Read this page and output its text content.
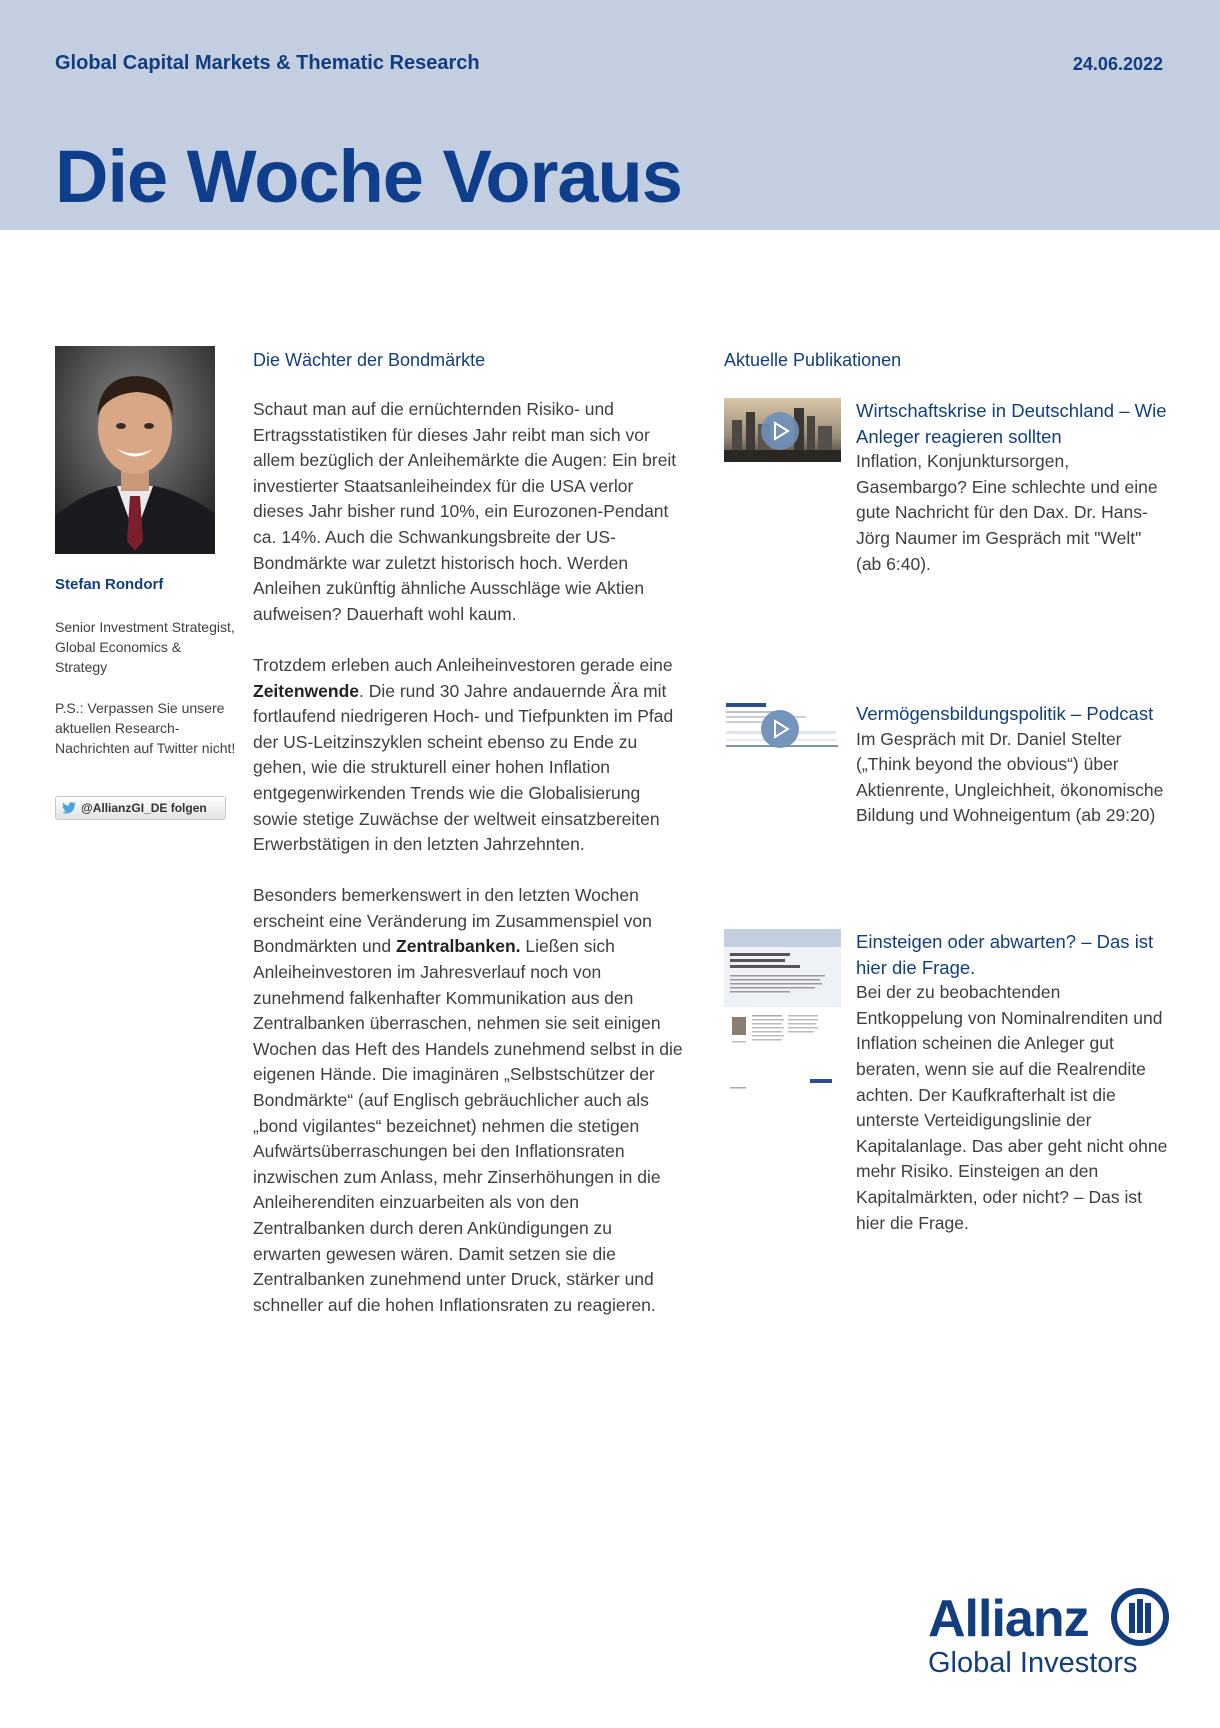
Global Capital Markets & Thematic Research	24.06.2022
Die Woche Voraus
Stefan Rondorf
Senior Investment Strategist, Global Economics & Strategy
P.S.: Verpassen Sie unsere aktuellen Research-Nachrichten auf Twitter nicht!
@AllianzGI_DE folgen
Die Wächter der Bondmärkte

Schaut man auf die ernüchternden Risiko- und Ertragsstatistiken für dieses Jahr reibt man sich vor allem bezüglich der Anleihemärkte die Augen: Ein breit investierter Staatsanleiheindex für die USA verlor dieses Jahr bisher rund 10%, ein Eurozonen-Pendant ca. 14%. Auch die Schwankungsbreite der US-Bondmärkte war zuletzt historisch hoch. Werden Anleihen zukünftig ähnliche Ausschläge wie Aktien aufweisen? Dauerhaft wohl kaum.

Trotzdem erleben auch Anleiheinvestoren gerade eine Zeitenwende. Die rund 30 Jahre andauernde Ära mit fortlaufend niedrigeren Hoch- und Tiefpunkten im Pfad der US-Leitzinszyklen scheint ebenso zu Ende zu gehen, wie die strukturell einer hohen Inflation entgegenwirkenden Trends wie die Globalisierung sowie stetige Zuwächse der weltweit einsatzbereiten Erwerbstätigen in den letzten Jahrzehnten.

Besonders bemerkenswert in den letzten Wochen erscheint eine Veränderung im Zusammenspiel von Bondmärkten und Zentralbanken. Ließen sich Anleiheinvestoren im Jahresverlauf noch von zunehmend falkenhafter Kommunikation aus den Zentralbanken überraschen, nehmen sie seit einigen Wochen das Heft des Handels zunehmend selbst in die eigenen Hände. Die imaginären „Selbstschützer der Bondmärkte“ (auf Englisch gebräuchlicher auch als „bond vigilantes“ bezeichnet) nehmen die stetigen Aufwärtsüberraschungen bei den Inflationsraten inzwischen zum Anlass, mehr Zinserhöhungen in die Anleiherenditen einzuarbeiten als von den Zentralbanken durch deren Ankündigungen zu erwarten gewesen wären. Damit setzen sie die Zentralbanken zunehmend unter Druck, stärker und schneller auf die hohen Inflationsraten zu reagieren.

Aktuelle Publikationen
Wirtschaftskrise in Deutschland – Wie Anleger reagieren sollten
Inflation, Konjunktursorgen, Gasembargo? Eine schlechte und eine gute Nachricht für den Dax. Dr. Hans-Jörg Naumer im Gespräch mit "Welt" (ab 6:40).
Vermögensbildungspolitik – Podcast
Im Gespräch mit Dr. Daniel Stelter („Think beyond the obvious“) über Aktienrente, Ungleichheit, ökonomische Bildung und Wohneigentum (ab 29:20)
Einsteigen oder abwarten? – Das ist hier die Frage.
Bei der zu beobachtenden Entkoppelung von Nominalrenditen und Inflation scheinen die Anleger gut beraten, wenn sie auf die Realrendite achten. Der Kaufkrafterhalt ist die unterste Verteidigungslinie der Kapitalanlage. Das aber geht nicht ohne mehr Risiko. Einsteigen an den Kapitalmärkten, oder nicht? – Das ist hier die Frage.
Allianz
Global Investors
